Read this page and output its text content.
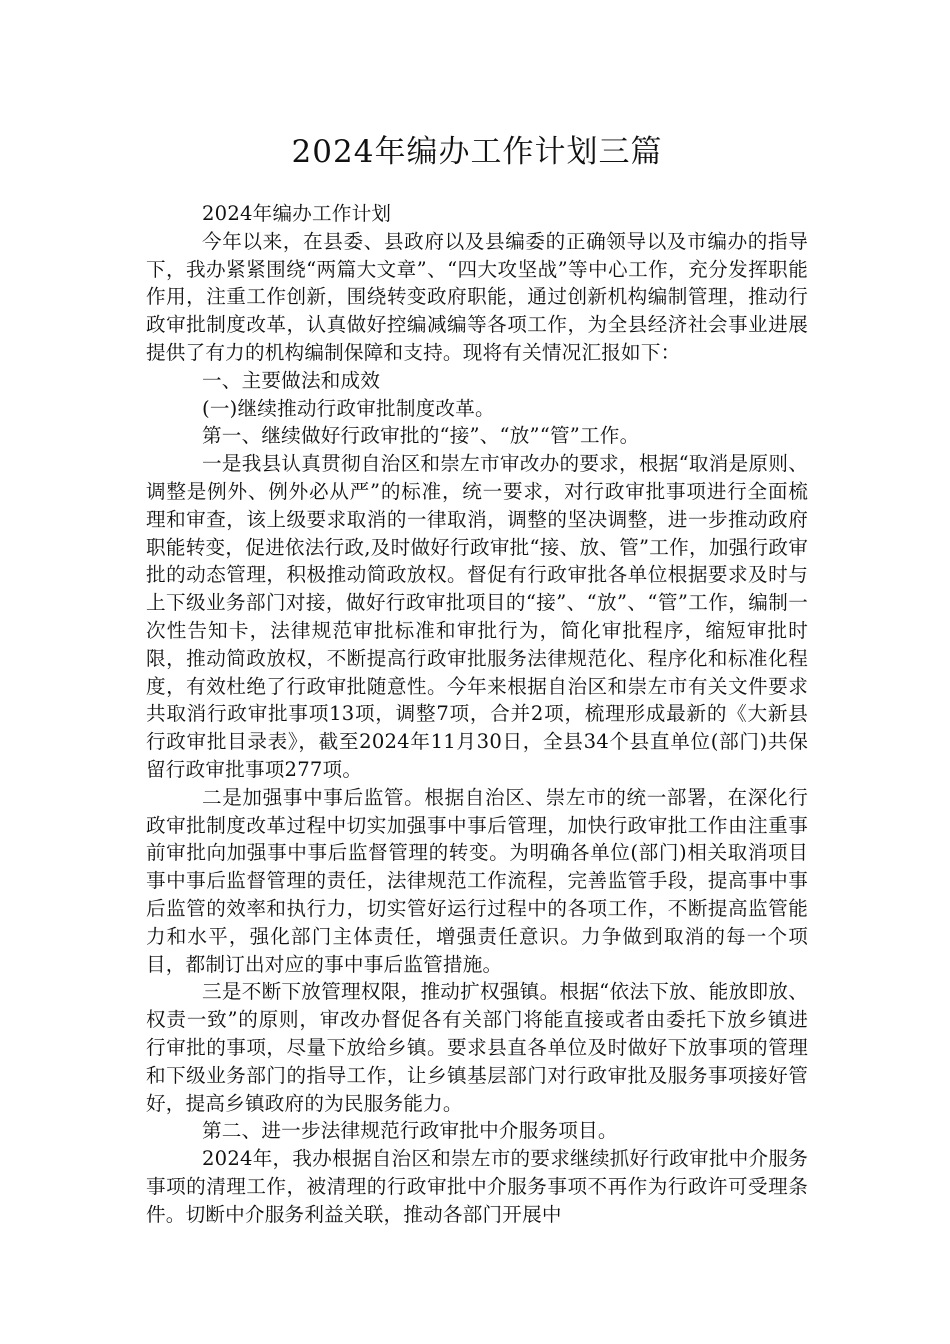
2024年编办工作计划三篇

2024年编办工作计划

今年以来，在县委、县政府以及县编委的正确领导以及市编办的指导下，我办紧紧围绕“两篇大文章”、“四大攻坚战”等中心工作，充分发挥职能作用，注重工作创新，围绕转变政府职能，通过创新机构编制管理，推动行政审批制度改革，认真做好控编减编等各项工作，为全县经济社会事业进展提供了有力的机构编制保障和支持。现将有关情况汇报如下：

一、主要做法和成效

(一)继续推动行政审批制度改革。

第一、继续做好行政审批的“接”、“放”“管”工作。

一是我县认真贯彻自治区和崇左市审改办的要求，根据“取消是原则、调整是例外、例外必从严”的标准，统一要求，对行政审批事项进行全面梳理和审查，该上级要求取消的一律取消，调整的坚决调整，进一步推动政府职能转变，促进依法行政,及时做好行政审批“接、放、管”工作，加强行政审批的动态管理，积极推动简政放权。督促有行政审批各单位根据要求及时与上下级业务部门对接，做好行政审批项目的“接”、“放”、“管”工作，编制一次性告知卡，法律规范审批标准和审批行为，简化审批程序，缩短审批时限，推动简政放权，不断提高行政审批服务法律规范化、程序化和标准化程度，有效杜绝了行政审批随意性。今年来根据自治区和崇左市有关文件要求共取消行政审批事项13项，调整7项，合并2项，梳理形成最新的《大新县行政审批目录表》，截至2024年11月30日，全县34个县直单位(部门)共保留行政审批事项277项。

二是加强事中事后监管。根据自治区、崇左市的统一部署，在深化行政审批制度改革过程中切实加强事中事后管理，加快行政审批工作由注重事前审批向加强事中事后监督管理的转变。为明确各单位(部门)相关取消项目事中事后监督管理的责任，法律规范工作流程，完善监管手段，提高事中事后监管的效率和执行力，切实管好运行过程中的各项工作，不断提高监管能力和水平，强化部门主体责任，增强责任意识。力争做到取消的每一个项目，都制订出对应的事中事后监管措施。

三是不断下放管理权限，推动扩权强镇。根据“依法下放、能放即放、权责一致”的原则，审改办督促各有关部门将能直接或者由委托下放乡镇进行审批的事项，尽量下放给乡镇。要求县直各单位及时做好下放事项的管理和下级业务部门的指导工作，让乡镇基层部门对行政审批及服务事项接好管好，提高乡镇政府的为民服务能力。

第二、进一步法律规范行政审批中介服务项目。

2024年，我办根据自治区和崇左市的要求继续抓好行政审批中介服务事项的清理工作，被清理的行政审批中介服务事项不再作为行政许可受理条件。切断中介服务利益关联，推动各部门开展中
